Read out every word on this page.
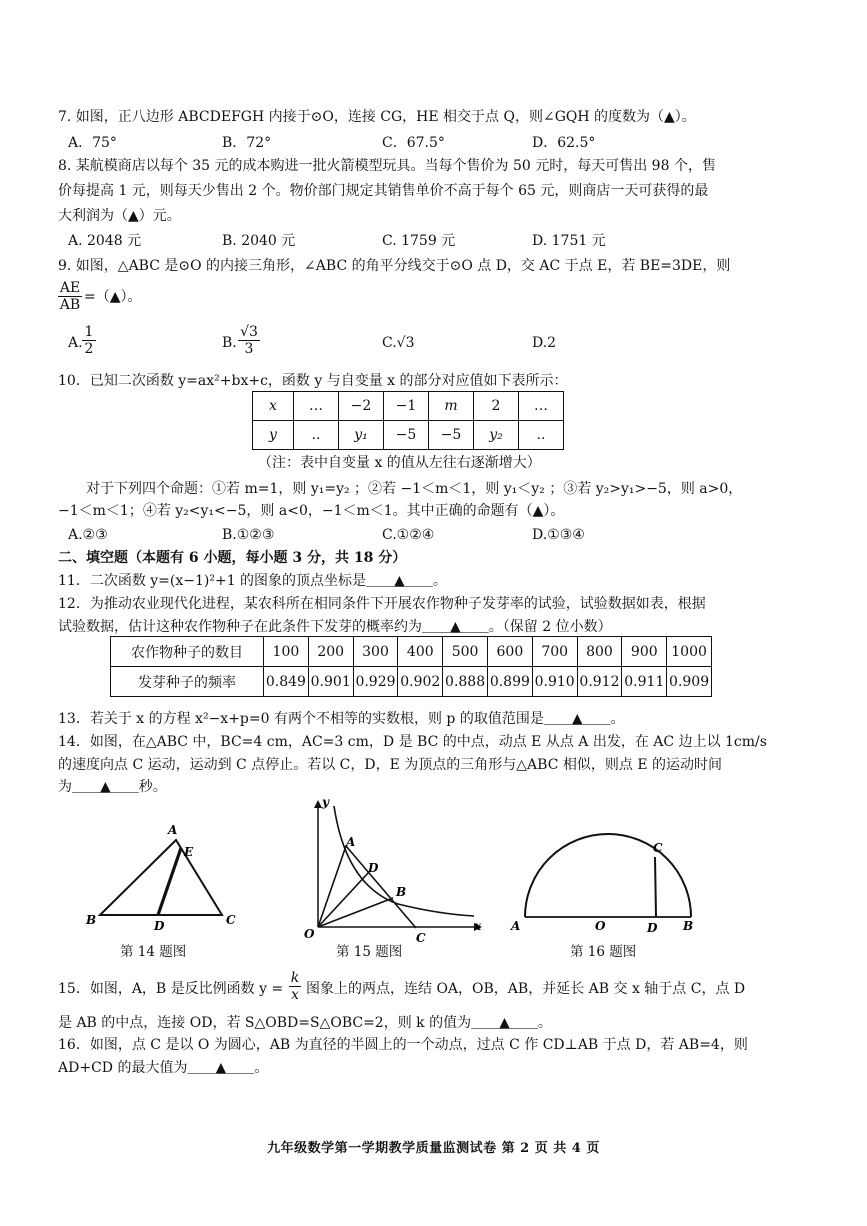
7. 如图，正八边形 ABCDEFGH 内接于⊙O，连接 CG，HE 相交于点 Q，则∠GQH 的度数为（▲）。
A．75°	B．72°	C．67.5°	D．62.5°
8. 某航模商店以每个 35 元的成本购进一批火箭模型玩具。当每个售价为 50 元时，每天可售出 98 个，售
价每提高 1 元，则每天少售出 2 个。物价部门规定其销售单价不高于每个 65 元，则商店一天可获得的最
大利润为（▲）元。
A. 2048 元	B. 2040 元	C. 1759 元	D. 1751 元
9. 如图，△ABC 是⊙O 的内接三角形，∠ABC 的角平分线交于⊙O 点 D，交 AC 于点 E，若 BE=3DE，则
$\frac{AE}{AB}$ =（▲）。
A. $\frac{1}{2}$	B. $\frac{√3}{3}$	C.√3	D.2
10．已知二次函数 y=ax²+bx+c，函数 y 与自变量 x 的部分对应值如下表所示：
x	…	−2	−1	m	2	…
y	..	y₁	−5	−5	y₂	..
（注：表中自变量 x 的值从左往右逐渐增大）
对于下列四个命题：①若 m=1，则 y₁=y₂ ；②若 −1＜m＜1，则 y₁＜y₂ ；③若 y₂>y₁>−5，则 a>0，
−1＜m＜1；④若 y₂<y₁<−5，则 a<0，−1＜m＜1。其中正确的命题有（▲）。
A.②③	B.①②③	C.①②④	D.①③④
二、填空题（本题有 6 小题，每小题 3 分，共 18 分）
11．二次函数 y=(x−1)²+1 的图象的顶点坐标是＿＿▲＿＿。
12．为推动农业现代化进程，某农科所在相同条件下开展农作物种子发芽率的试验，试验数据如表，根据
试验数据，估计这种农作物种子在此条件下发芽的概率约为＿＿▲＿＿。（保留 2 位小数）
农作物种子的数目	100	200	300	400	500	600	700	800	900	1000
发芽种子的频率	0.849	0.901	0.929	0.902	0.888	0.899	0.910	0.912	0.911	0.909
13．若关于 x 的方程 x²−x+p=0 有两个不相等的实数根，则 p 的取值范围是＿＿▲＿＿。
14．如图，在△ABC 中，BC=4 cm，AC=3 cm，D 是 BC 的中点，动点 E 从点 A 出发，在 AC 边上以 1cm/s
的速度向点 C 运动，运动到 C 点停止。若以 C，D，E 为顶点的三角形与△ABC 相似，则点 E 的运动时间
为＿＿▲＿＿秒。
A
E
B	D	C
第 14 题图
y
A
D
B
O	C
x
第 15 题图
C
A	O	D B
第 16 题图
15．如图，A，B 是反比例函数 $y = \frac{k}{x}$ 图象上的两点，连结 OA，OB，AB，并延长 AB 交 x 轴于点 C，点 D
是 AB 的中点，连接 OD，若 S△OBD=S△OBC=2，则 k 的值为＿＿▲＿＿。
16．如图，点 C 是以 O 为圆心，AB 为直径的半圆上的一个动点，过点 C 作 CD⊥AB 于点 D，若 AB=4，则
AD+CD 的最大值为＿＿▲＿＿。
九年级数学第一学期教学质量监测试卷 第 2 页 共 4 页
